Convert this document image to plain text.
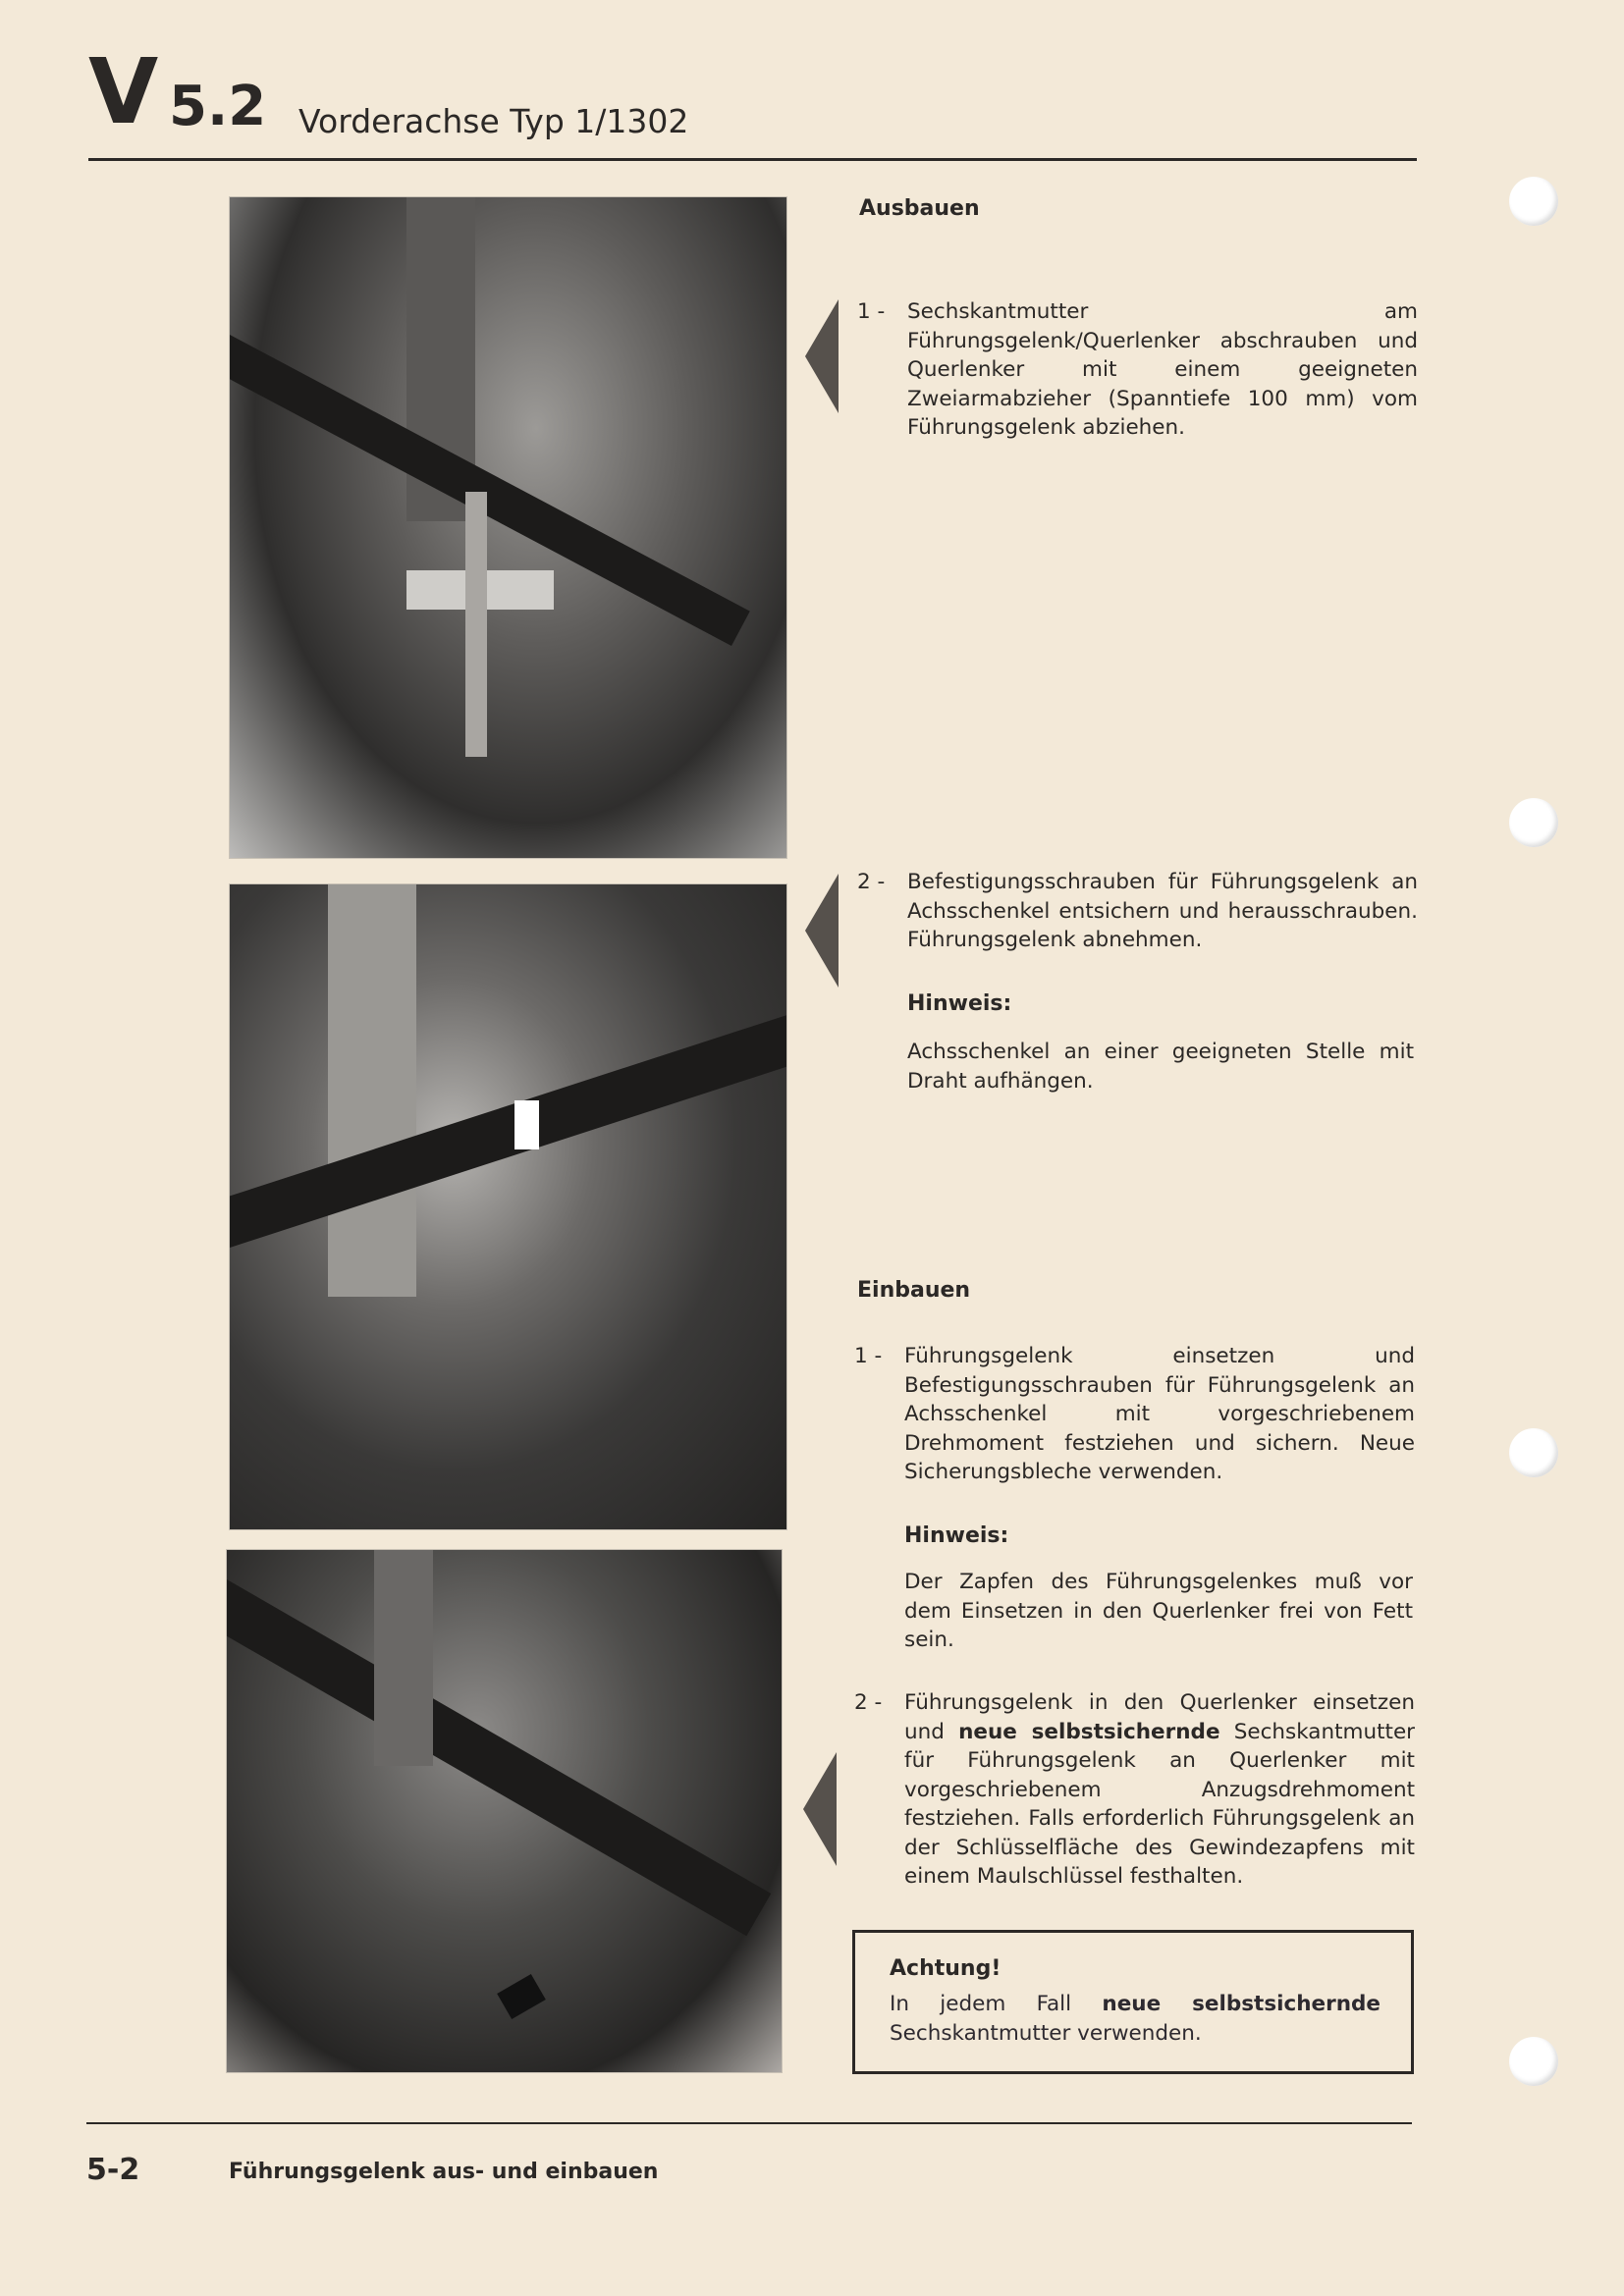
V 5.2 Vorderachse Typ 1/1302
Ausbauen
1 -	Sechskantmutter am Führungsgelenk/Querlenker abschrauben und Querlenker mit einem geeigneten Zweiarmabzieher (Spanntiefe 100 mm) vom Führungsgelenk abziehen.
2 -	Befestigungsschrauben für Führungsgelenk an Achsschenkel entsichern und herausschrauben. Führungsgelenk abnehmen.
Hinweis:
Achsschenkel an einer geeigneten Stelle mit Draht aufhängen.
Einbauen
1 -	Führungsgelenk einsetzen und Befestigungsschrauben für Führungsgelenk an Achsschenkel mit vorgeschriebenem Drehmoment festziehen und sichern. Neue Sicherungsbleche verwenden.
Hinweis:
Der Zapfen des Führungsgelenkes muß vor dem Einsetzen in den Querlenker frei von Fett sein.
2 -	Führungsgelenk in den Querlenker einsetzen und neue selbstsichernde Sechskantmutter für Führungsgelenk an Querlenker mit vorgeschriebenem Anzugsdrehmoment festziehen. Falls erforderlich Führungsgelenk an der Schlüsselfläche des Gewindezapfens mit einem Maulschlüssel festhalten.
Achtung!
In jedem Fall neue selbstsichernde Sechskantmutter verwenden.
5-2	Führungsgelenk aus- und einbauen
